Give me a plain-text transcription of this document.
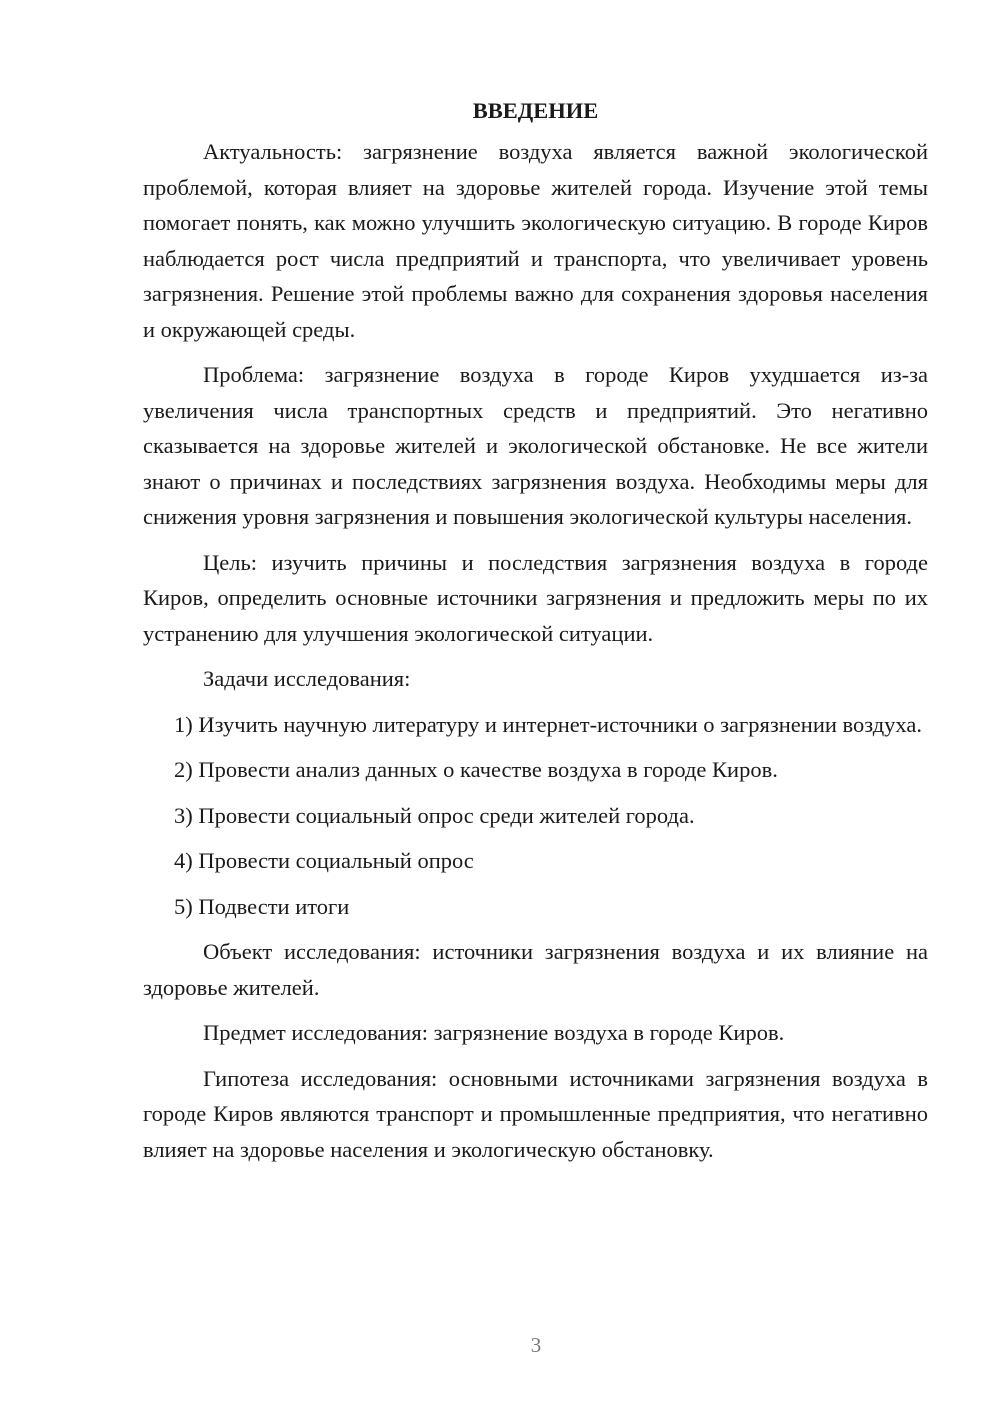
ВВЕДЕНИЕ

Актуальность: загрязнение воздуха является важной экологической проблемой, которая влияет на здоровье жителей города. Изучение этой темы помогает понять, как можно улучшить экологическую ситуацию. В городе Киров наблюдается рост числа предприятий и транспорта, что увеличивает уровень загрязнения. Решение этой проблемы важно для сохранения здоровья населения и окружающей среды.

Проблема: загрязнение воздуха в городе Киров ухудшается из-за увеличения числа транспортных средств и предприятий. Это негативно сказывается на здоровье жителей и экологической обстановке. Не все жители знают о причинах и последствиях загрязнения воздуха. Необходимы меры для снижения уровня загрязнения и повышения экологической культуры населения.

Цель: изучить причины и последствия загрязнения воздуха в городе Киров, определить основные источники загрязнения и предложить меры по их устранению для улучшения экологической ситуации.

Задачи исследования:

1) Изучить научную литературу и интернет-источники о загрязнении воздуха.

2) Провести анализ данных о качестве воздуха в городе Киров.

3) Провести социальный опрос среди жителей города.

4) Провести социальный опрос

5) Подвести итоги

Объект исследования: источники загрязнения воздуха и их влияние на здоровье жителей.

Предмет исследования: загрязнение воздуха в городе Киров.

Гипотеза исследования: основными источниками загрязнения воздуха в городе Киров являются транспорт и промышленные предприятия, что негативно влияет на здоровье населения и экологическую обстановку.

3
